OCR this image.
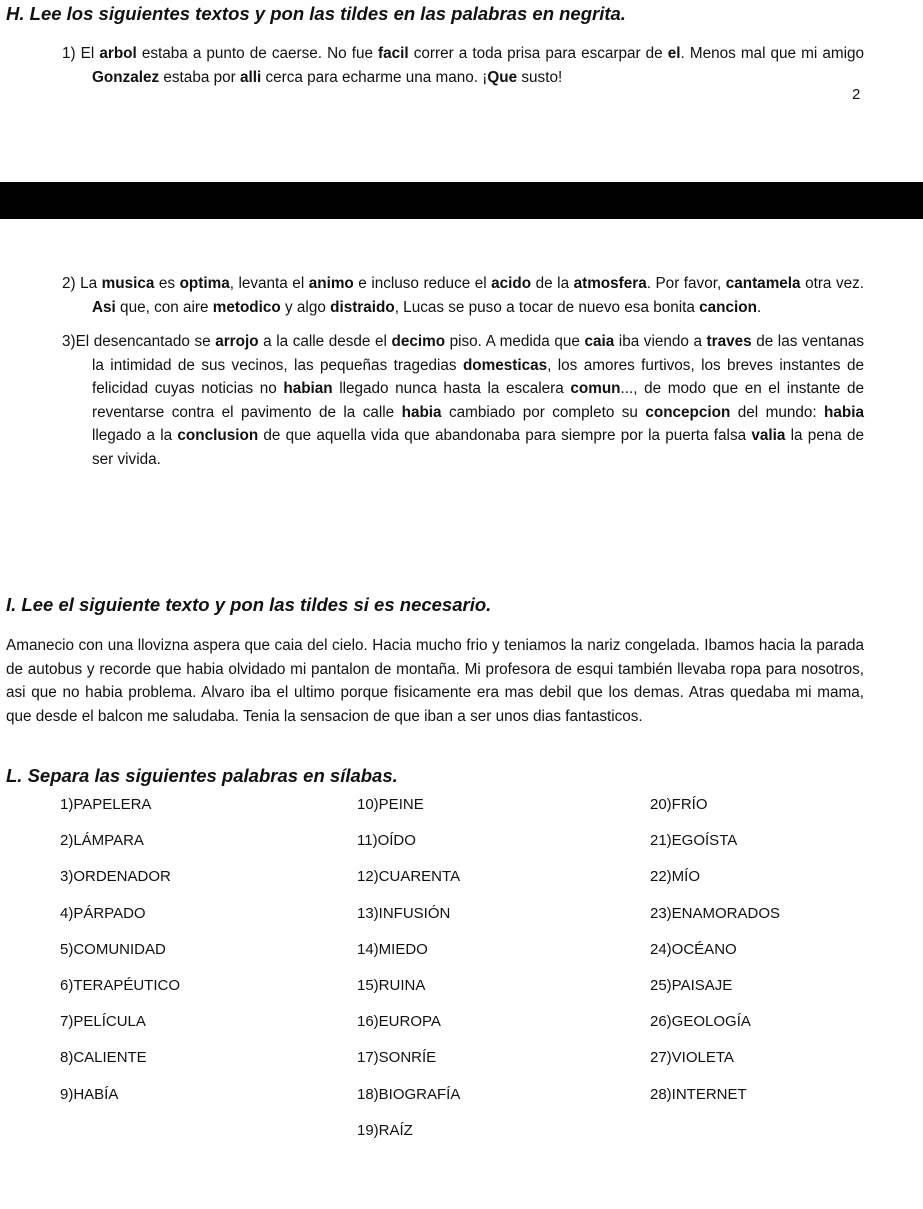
H. Lee los siguientes textos y pon las tildes en las palabras en negrita.

1) El arbol estaba a punto de caerse. No fue facil correr a toda prisa para escarpar de el. Menos mal que mi amigo Gonzalez estaba por alli cerca para echarme una mano. ¡Que susto!

2

2) La musica es optima, levanta el animo e incluso reduce el acido de la atmosfera. Por favor, cantamela otra vez. Asi que, con aire metodico y algo distraido, Lucas se puso a tocar de nuevo esa bonita cancion.

3)El desencantado se arrojo a la calle desde el decimo piso. A medida que caia iba viendo a traves de las ventanas la intimidad de sus vecinos, las pequeñas tragedias domesticas, los amores furtivos, los breves instantes de felicidad cuyas noticias no habian llegado nunca hasta la escalera comun..., de modo que en el instante de reventarse contra el pavimento de la calle habia cambiado por completo su concepcion del mundo: habia llegado a la conclusion de que aquella vida que abandonaba para siempre por la puerta falsa valia la pena de ser vivida.

I. Lee el siguiente texto y pon las tildes si es necesario.

Amanecio con una llovizna aspera que caia del cielo. Hacia mucho frio y teniamos la nariz congelada. Ibamos hacia la parada de autobus y recorde que habia olvidado mi pantalon de montaña. Mi profesora de esqui también llevaba ropa para nosotros, asi que no habia problema. Alvaro iba el ultimo porque fisicamente era mas debil que los demas. Atras quedaba mi mama, que desde el balcon me saludaba. Tenia la sensacion de que iban a ser unos dias fantasticos.

L. Separa las siguientes palabras en sílabas.
1)PAPELERA
2)LÁMPARA
3)ORDENADOR
4)PÁRPADO
5)COMUNIDAD
6)TERAPÉUTICO
7)PELÍCULA
8)CALIENTE
9)HABÍA
10)PEINE
11)OÍDO
12)CUARENTA
13)INFUSIÓN
14)MIEDO
15)RUINA
16)EUROPA
17)SONRÍE
18)BIOGRAFÍA
19)RAÍZ
20)FRÍO
21)EGOÍSTA
22)MÍO
23)ENAMORADOS
24)OCÉANO
25)PAISAJE
26)GEOLOGÍA
27)VIOLETA
28)INTERNET
